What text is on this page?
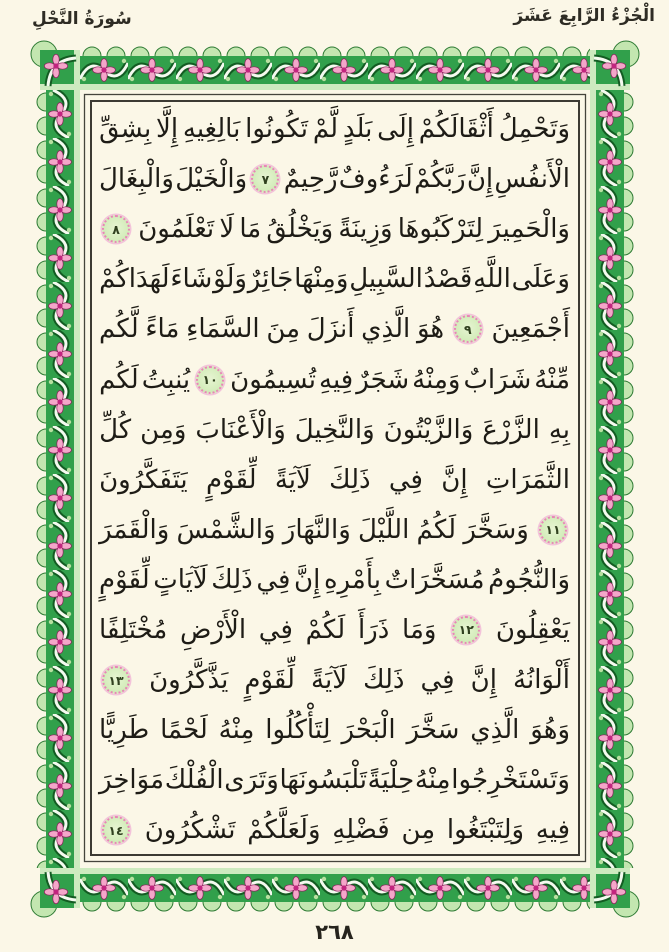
الْجُزْءُ الرَّابِعَ عَشَرَ
سُورَةُ النَّحْلِ
وَتَحْمِلُ
أَثْقَالَكُمْ
إِلَى
بَلَدٍ
لَّمْ
تَكُونُوا
بَالِغِيهِ
إِلَّا
بِشِقِّ
الْأَنفُسِ
إِنَّ
رَبَّكُمْ
لَرَءُوفٌ
رَّحِيمٌ
٧
وَالْخَيْلَ
وَالْبِغَالَ
وَالْحَمِيرَ
لِتَرْكَبُوهَا
وَزِينَةً
وَيَخْلُقُ
مَا
لَا
تَعْلَمُونَ
٨
وَعَلَى
اللَّهِ
قَصْدُ
السَّبِيلِ
وَمِنْهَا
جَائِرٌ
وَلَوْ
شَاءَ
لَهَدَاكُمْ
أَجْمَعِينَ
٩
هُوَ
الَّذِي
أَنزَلَ
مِنَ
السَّمَاءِ
مَاءً
لَّكُم
مِّنْهُ
شَرَابٌ
وَمِنْهُ
شَجَرٌ
فِيهِ
تُسِيمُونَ
١٠
يُنبِتُ
لَكُم
بِهِ
الزَّرْعَ
وَالزَّيْتُونَ
وَالنَّخِيلَ
وَالْأَعْنَابَ
وَمِن
كُلِّ
الثَّمَرَاتِ
إِنَّ
فِي
ذَلِكَ
لَآيَةً
لِّقَوْمٍ
يَتَفَكَّرُونَ
١١
وَسَخَّرَ
لَكُمُ
اللَّيْلَ
وَالنَّهَارَ
وَالشَّمْسَ
وَالْقَمَرَ
وَالنُّجُومُ
مُسَخَّرَاتٌ
بِأَمْرِهِ
إِنَّ
فِي
ذَلِكَ
لَآيَاتٍ
لِّقَوْمٍ
يَعْقِلُونَ
١٢
وَمَا
ذَرَأَ
لَكُمْ
فِي
الْأَرْضِ
مُخْتَلِفًا
أَلْوَانُهُ
إِنَّ
فِي
ذَلِكَ
لَآيَةً
لِّقَوْمٍ
يَذَّكَّرُونَ
١٣
وَهُوَ
الَّذِي
سَخَّرَ
الْبَحْرَ
لِتَأْكُلُوا
مِنْهُ
لَحْمًا
طَرِيًّا
وَتَسْتَخْرِجُوا
مِنْهُ
حِلْيَةً
تَلْبَسُونَهَا
وَتَرَى
الْفُلْكَ
مَوَاخِرَ
فِيهِ
وَلِتَبْتَغُوا
مِن
فَضْلِهِ
وَلَعَلَّكُمْ
تَشْكُرُونَ
١٤
٢٦٨
